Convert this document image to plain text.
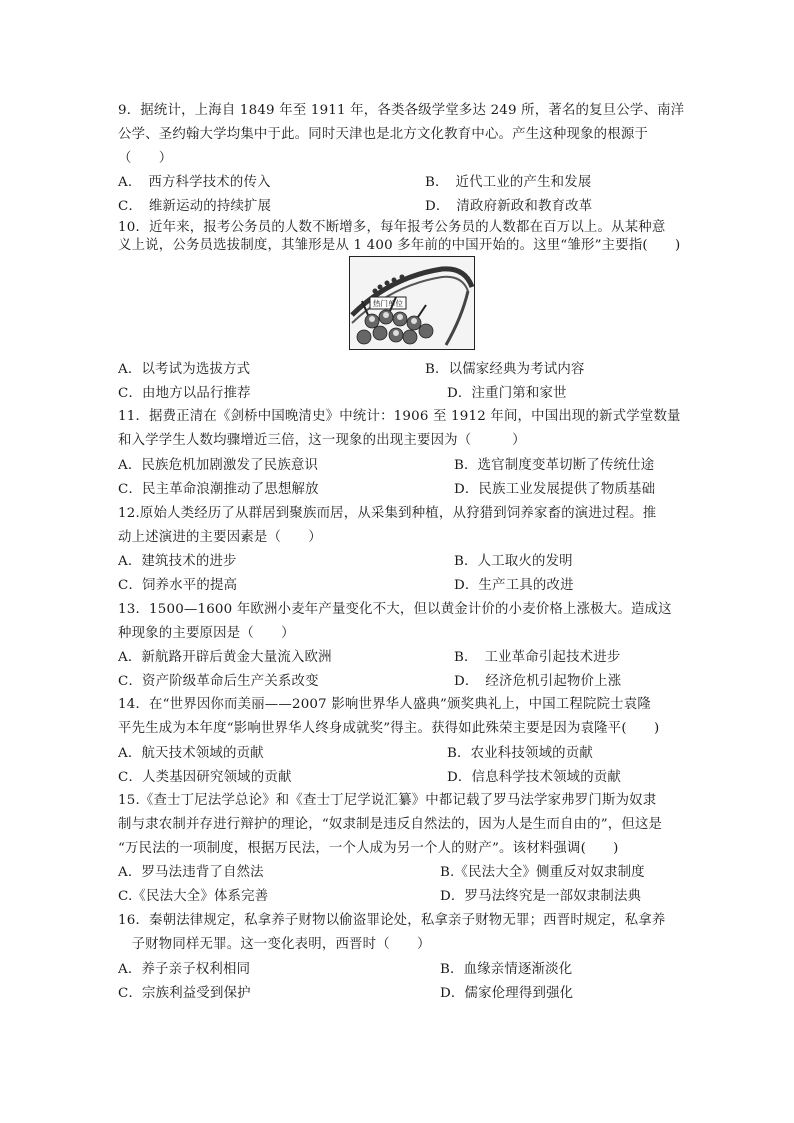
9．据统计，上海自 1849 年至 1911 年，各类各级学堂多达 249 所，著名的复旦公学、南洋
公学、圣约翰大学均集中于此。同时天津也是北方文化教育中心。产生这种现象的根源于
（　　）
A．　西方科学技术的传入	B．　近代工业的产生和发展
C．　维新运动的持续扩展	D．　清政府新政和教育改革
10．近年来，报考公务员的人数不断增多，每年报考公务员的人数都在百万以上。从某种意
义上说，公务员选拔制度，其雏形是从 1 400 多年前的中国开始的。这里“雏形”主要指(　　)
热门单位
A．以考试为选拔方式	B．以儒家经典为考试内容
C．由地方以品行推荐	D．注重门第和家世
11．据费正清在《剑桥中国晚清史》中统计：1906 至 1912 年间，中国出现的新式学堂数量
和入学学生人数均骤增近三倍，这一现象的出现主要因为（　　　）
A．民族危机加剧激发了民族意识	B．选官制度变革切断了传统仕途
C．民主革命浪潮推动了思想解放	D．民族工业发展提供了物质基础
12.原始人类经历了从群居到聚族而居，从采集到种植，从狩猎到饲养家畜的演进过程。推
动上述演进的主要因素是（　　）
A．建筑技术的进步	B．人工取火的发明
C．饲养水平的提高	D．生产工具的改进
13．1500—1600 年欧洲小麦年产量变化不大，但以黄金计价的小麦价格上涨极大。造成这
种现象的主要原因是（　　）
A．新航路开辟后黄金大量流入欧洲	B．　工业革命引起技术进步
C．资产阶级革命后生产关系改变	D．　经济危机引起物价上涨
14．在“世界因你而美丽——2007 影响世界华人盛典”颁奖典礼上，中国工程院院士袁隆
平先生成为本年度“影响世界华人终身成就奖”得主。获得如此殊荣主要是因为袁隆平(　　)
A．航天技术领域的贡献	B．农业科技领域的贡献
C．人类基因研究领域的贡献	D．信息科学技术领域的贡献
15.《查士丁尼法学总论》和《查士丁尼学说汇纂》中都记载了罗马法学家弗罗门斯为奴隶
制与隶农制并存进行辩护的理论，“奴隶制是违反自然法的，因为人是生而自由的”，但这是
“万民法的一项制度，根据万民法，一个人成为另一个人的财产”。该材料强调(　　)
A．罗马法违背了自然法	B.《民法大全》侧重反对奴隶制度
C.《民法大全》体系完善	D．罗马法终究是一部奴隶制法典
16．秦朝法律规定，私拿养子财物以偷盗罪论处，私拿亲子财物无罪；西晋时规定，私拿养
　子财物同样无罪。这一变化表明，西晋时（　　）
A．养子亲子权利相同	B．血缘亲情逐渐淡化
C．宗族利益受到保护	D．儒家伦理得到强化
